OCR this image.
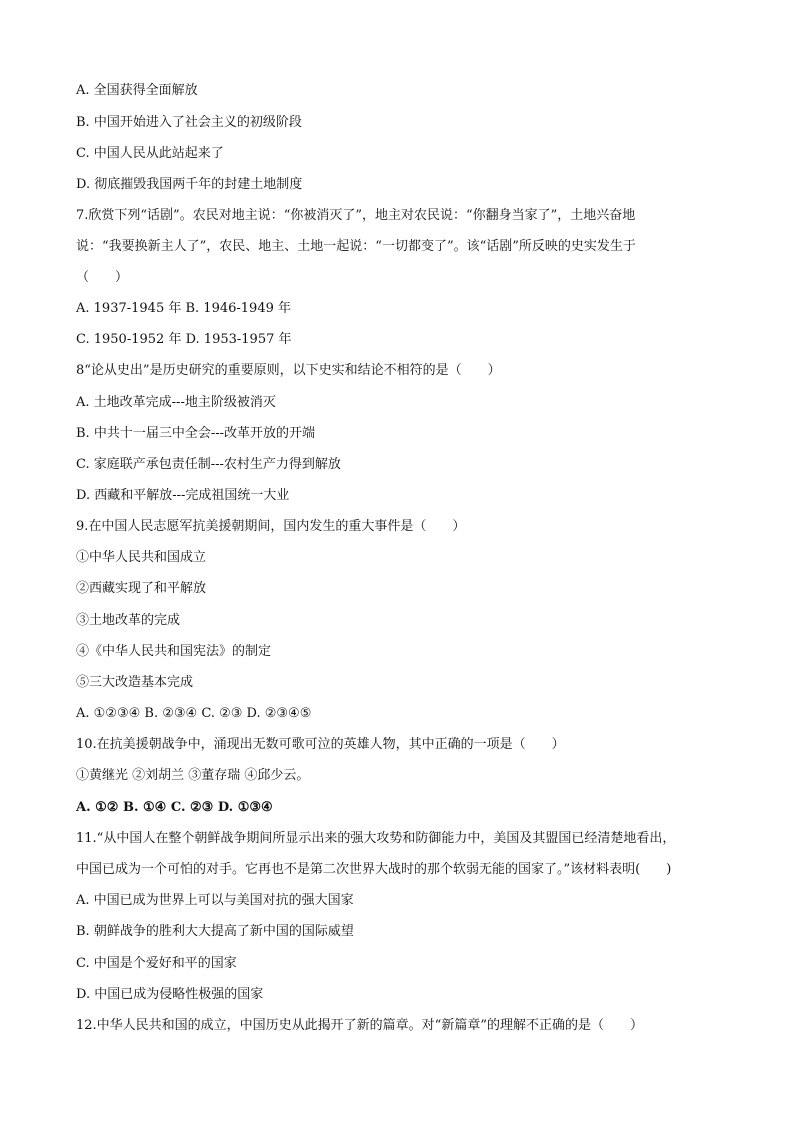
A. 全国获得全面解放
B. 中国开始进入了社会主义的初级阶段
C. 中国人民从此站起来了
D. 彻底摧毁我国两千年的封建土地制度
7.欣赏下列“话剧”。农民对地主说：“你被消灭了”，地主对农民说：“你翻身当家了”，土地兴奋地
说：“我要换新主人了”，农民、地主、土地一起说：“一切都变了”。该“话剧”所反映的史实发生于
（　　）
A. 1937-1945 年 B. 1946-1949 年
C. 1950-1952 年 D. 1953-1957 年
8“论从史出”是历史研究的重要原则，以下史实和结论不相符的是（　　）
A. 土地改革完成---地主阶级被消灭
B. 中共十一届三中全会---改革开放的开端
C. 家庭联产承包责任制---农村生产力得到解放
D. 西藏和平解放---完成祖国统一大业
9.在中国人民志愿军抗美援朝期间，国内发生的重大事件是（　　）
①中华人民共和国成立
②西藏实现了和平解放
③土地改革的完成
④《中华人民共和国宪法》的制定
⑤三大改造基本完成
A. ①②③④ B. ②③④ C. ②③ D. ②③④⑤
10.在抗美援朝战争中，涌现出无数可歌可泣的英雄人物，其中正确的一项是（　　）
①黄继光 ②刘胡兰 ③董存瑞 ④邱少云。
A. ①② B. ①④ C. ②③ D. ①③④
11.“从中国人在整个朝鲜战争期间所显示出来的强大攻势和防御能力中，美国及其盟国已经清楚地看出，
中国已成为一个可怕的对手。它再也不是第二次世界大战时的那个软弱无能的国家了。”该材料表明(　　)
A. 中国已成为世界上可以与美国对抗的强大国家
B. 朝鲜战争的胜利大大提高了新中国的国际威望
C. 中国是个爱好和平的国家
D. 中国已成为侵略性极强的国家
12.中华人民共和国的成立，中国历史从此揭开了新的篇章。对“新篇章”的理解不正确的是（　　）
